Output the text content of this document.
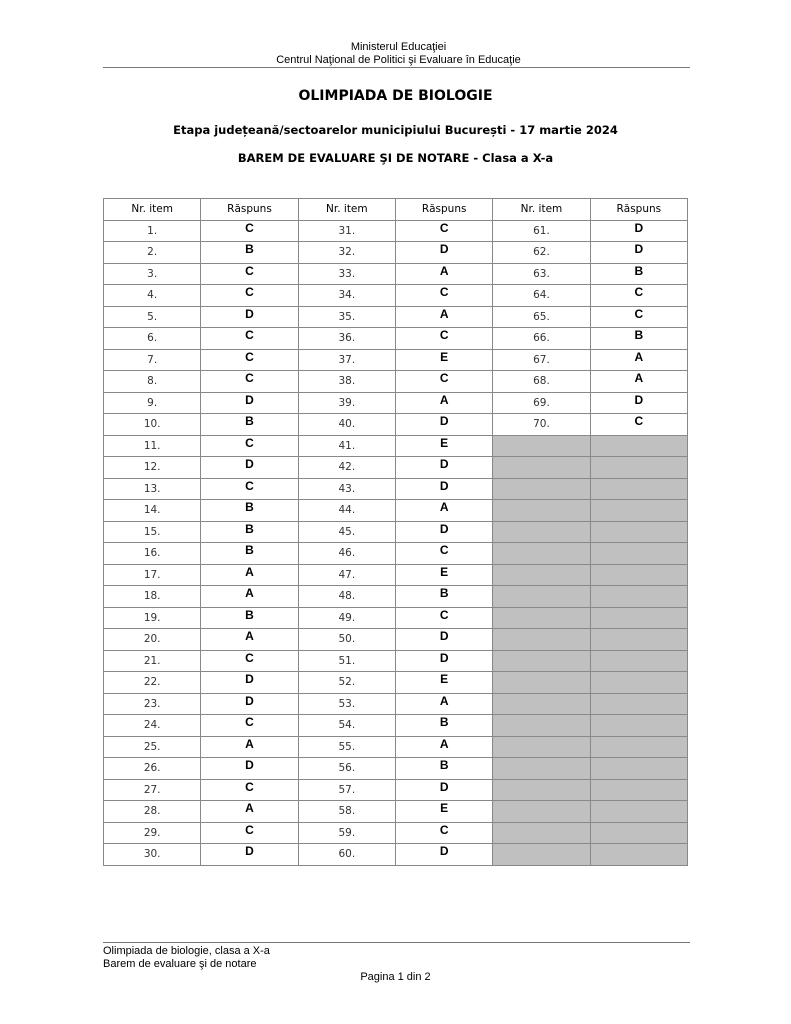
Ministerul Educaţiei
Centrul Naţional de Politici şi Evaluare în Educaţie
OLIMPIADA DE BIOLOGIE
Etapa județeană/sectoarelor municipiului București - 17 martie 2024
BAREM DE EVALUARE ŞI DE NOTARE - Clasa a X-a
Nr. item	Răspuns	Nr. item	Răspuns	Nr. item	Răspuns
1.	C	31.	C	61.	D
2.	B	32.	D	62.	D
3.	C	33.	A	63.	B
4.	C	34.	C	64.	C
5.	D	35.	A	65.	C
6.	C	36.	C	66.	B
7.	C	37.	E	67.	A
8.	C	38.	C	68.	A
9.	D	39.	A	69.	D
10.	B	40.	D	70.	C
11.	C	41.	E		
12.	D	42.	D		
13.	C	43.	D		
14.	B	44.	A		
15.	B	45.	D		
16.	B	46.	C		
17.	A	47.	E		
18.	A	48.	B		
19.	B	49.	C		
20.	A	50.	D		
21.	C	51.	D		
22.	D	52.	E		
23.	D	53.	A		
24.	C	54.	B		
25.	A	55.	A		
26.	D	56.	B		
27.	C	57.	D		
28.	A	58.	E		
29.	C	59.	C		
30.	D	60.	D		
Olimpiada de biologie, clasa a X-a
Barem de evaluare şi de notare
Pagina 1 din 2
